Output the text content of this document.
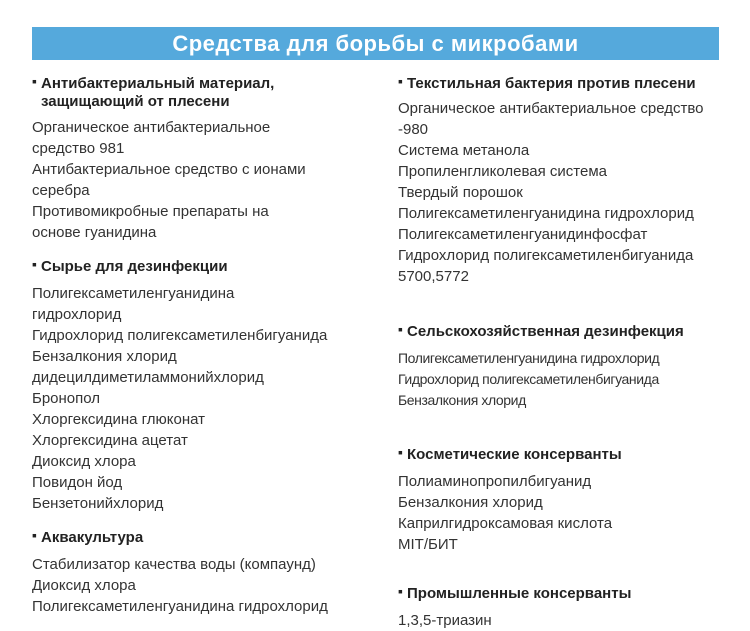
Средства для борьбы с микробами
▪ Антибактериальный материал, защищающий от плесени
Органическое антибактериальное
средство 981
Антибактериальное средство с ионами
серебра
Противомикробные препараты на
основе гуанидина
▪ Сырье для дезинфекции
Полигексаметиленгуанидина
гидрохлорид
Гидрохлорид полигексаметиленбигуанида
Бензалкония хлорид
дидецилдиметиламмонийхлорид
Бронопол
Хлоргексидина глюконат
Хлоргексидина ацетат
Диоксид хлора
Повидон йод
Бензетонийхлорид
▪ Аквакультура
Стабилизатор качества воды (компаунд)
Диоксид хлора
Полигексаметиленгуанидина гидрохлорид
▪ Текстильная бактерия против плесени
Органическое антибактериальное средство
-980
Система метанола
Пропиленгликолевая система
Твердый порошок
Полигексаметиленгуанидина гидрохлорид
Полигексаметиленгуанидинфосфат
Гидрохлорид полигексаметиленбигуанида
5700,5772
▪ Сельскохозяйственная дезинфекция
Полигексаметиленгуанидина гидрохлорид
Гидрохлорид полигексаметиленбигуанида
Бензалкония хлорид
▪ Косметические консерванты
Полиаминопропилбигуанид
Бензалкония хлорид
Каприлгидроксамовая кислота
MIT/БИТ
▪ Промышленные консерванты
1,3,5-триазин
